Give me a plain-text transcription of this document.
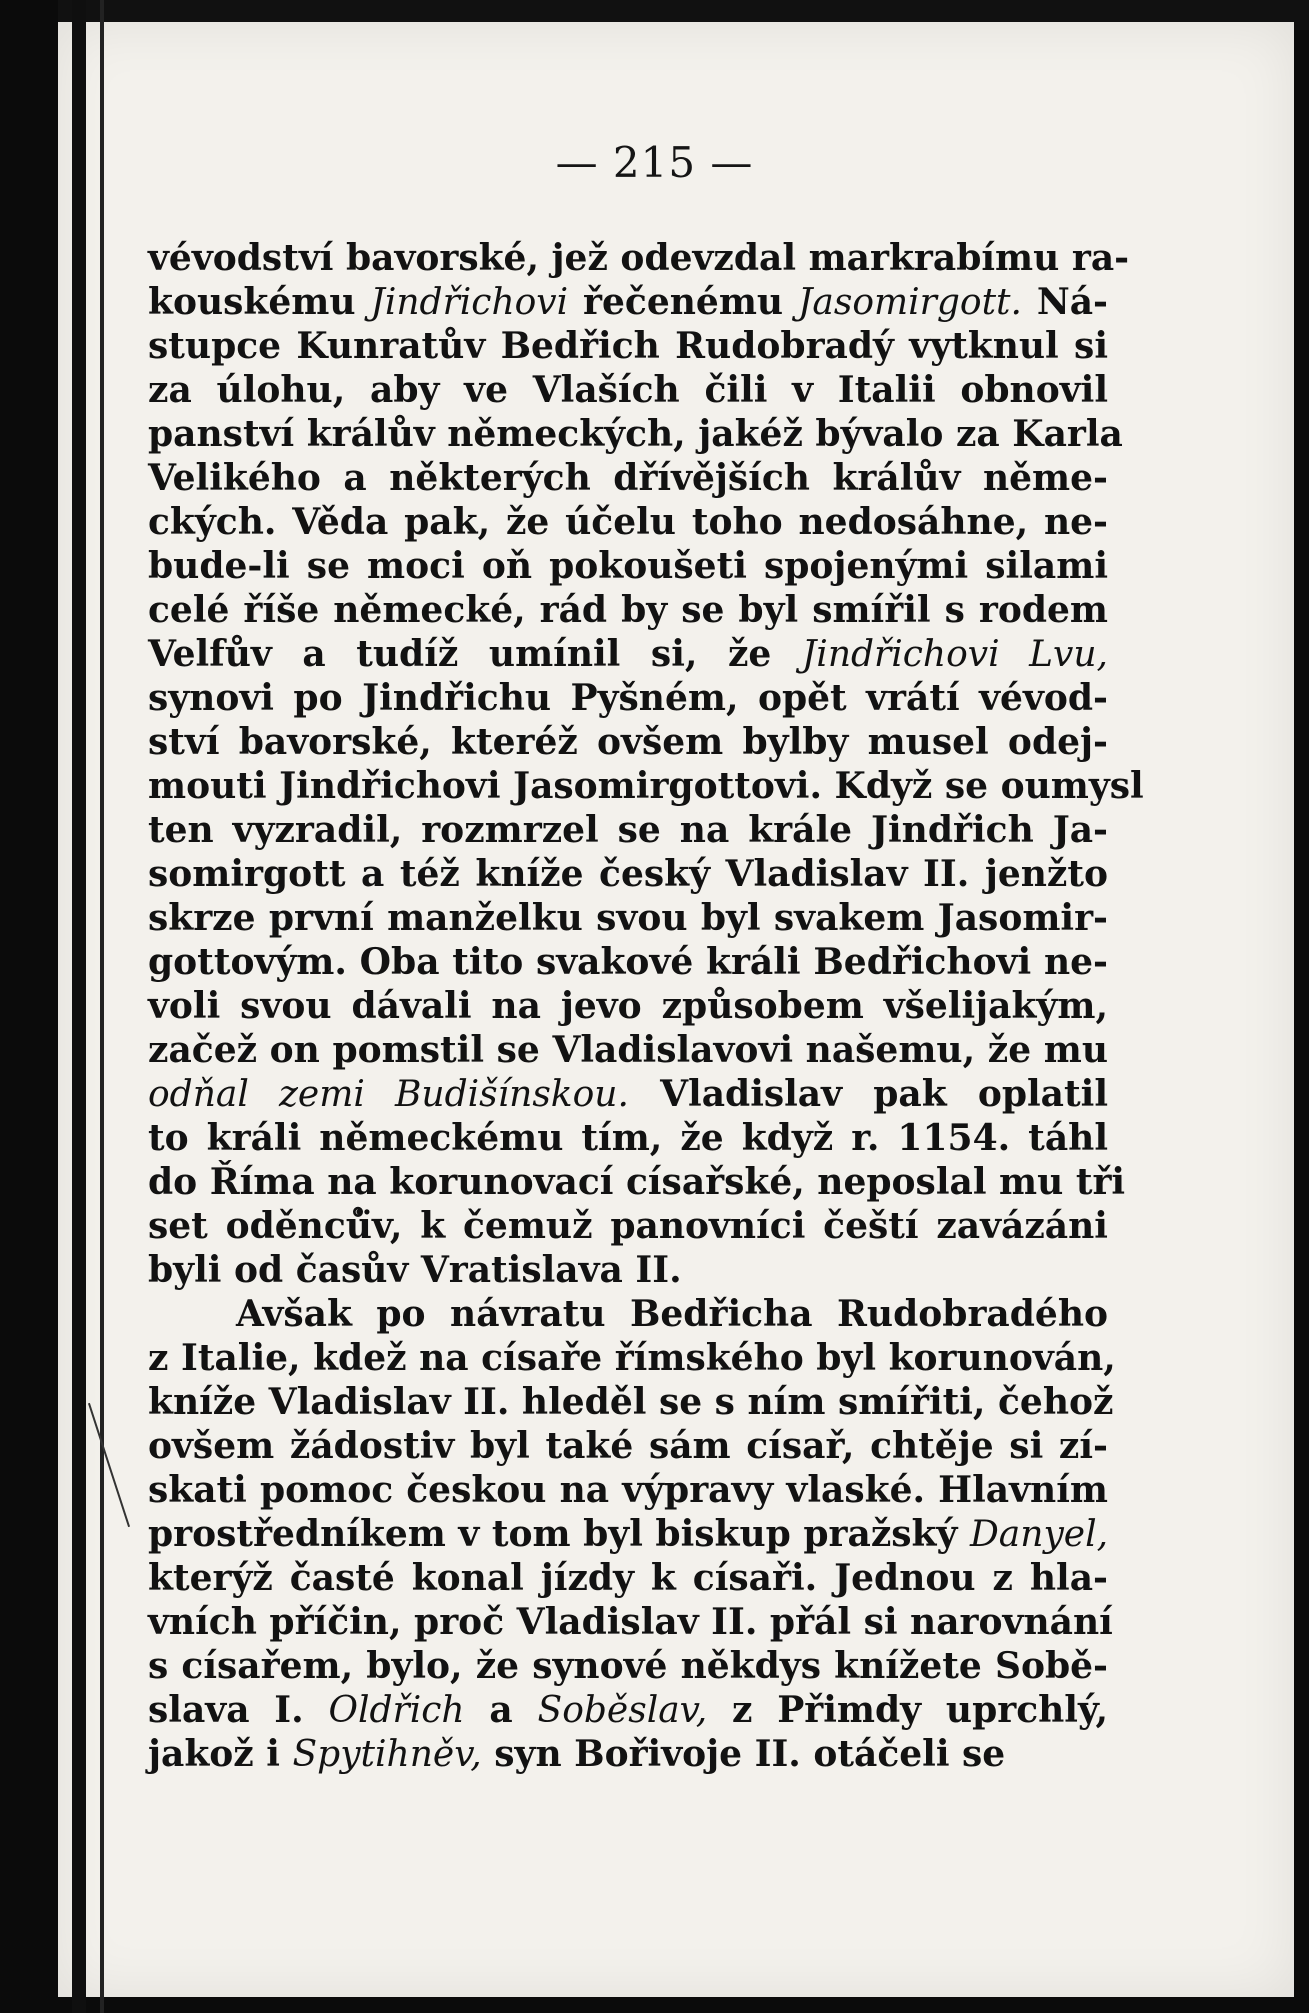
— 215 —
vévodství bavorské, jež odevzdal markrabímu ra-
kouskému Jindřichovi řečenému Jasomirgott. Ná-
stupce Kunratův Bedřich Rudobradý vytknul si
za úlohu, aby ve Vlaších čili v Italii obnovil
panství králův německých, jakéž bývalo za Karla
Velikého a některých dřívějších králův něme-
ckých. Věda pak, že účelu toho nedosáhne, ne-
bude-li se moci oň pokoušeti spojenými silami
celé říše německé, rád by se byl smířil s rodem
Velfův a tudíž umínil si, že Jindřichovi Lvu,
synovi po Jindřichu Pyšném, opět vrátí vévod-
ství bavorské, kteréž ovšem bylby musel odej-
mouti Jindřichovi Jasomirgottovi. Když se oumysl
ten vyzradil, rozmrzel se na krále Jindřich Ja-
somirgott a též kníže český Vladislav II. jenžto
skrze první manželku svou byl svakem Jasomir-
gottovým. Oba tito svakové králi Bedřichovi ne-
voli svou dávali na jevo způsobem všelijakým,
začež on pomstil se Vladislavovi našemu, že mu
odňal zemi Budišínskou. Vladislav pak oplatil
to králi německému tím, že když r. 1154. táhl
do Říma na korunovací císařské, neposlal mu tři
set oděnců̈v, k čemuž panovníci čeští zavázáni
byli od časův Vratislava II.
Avšak po návratu Bedřicha Rudobradého
z Italie, kdež na císaře římského byl korunován,
kníže Vladislav II. hleděl se s ním smířiti, čehož
ovšem žádostiv byl také sám císař, chtěje si zí-
skati pomoc českou na výpravy vlaské. Hlavním
prostředníkem v tom byl biskup pražský Danyel,
kterýž časté konal jízdy k císaři. Jednou z hla-
vních příčin, proč Vladislav II. přál si narovnání
s císařem, bylo, že synové někdys knížete Sobě-
slava I. Oldřich a Soběslav, z Přimdy uprchlý,
jakož i Spytihněv, syn Bořivoje II. otáčeli se
